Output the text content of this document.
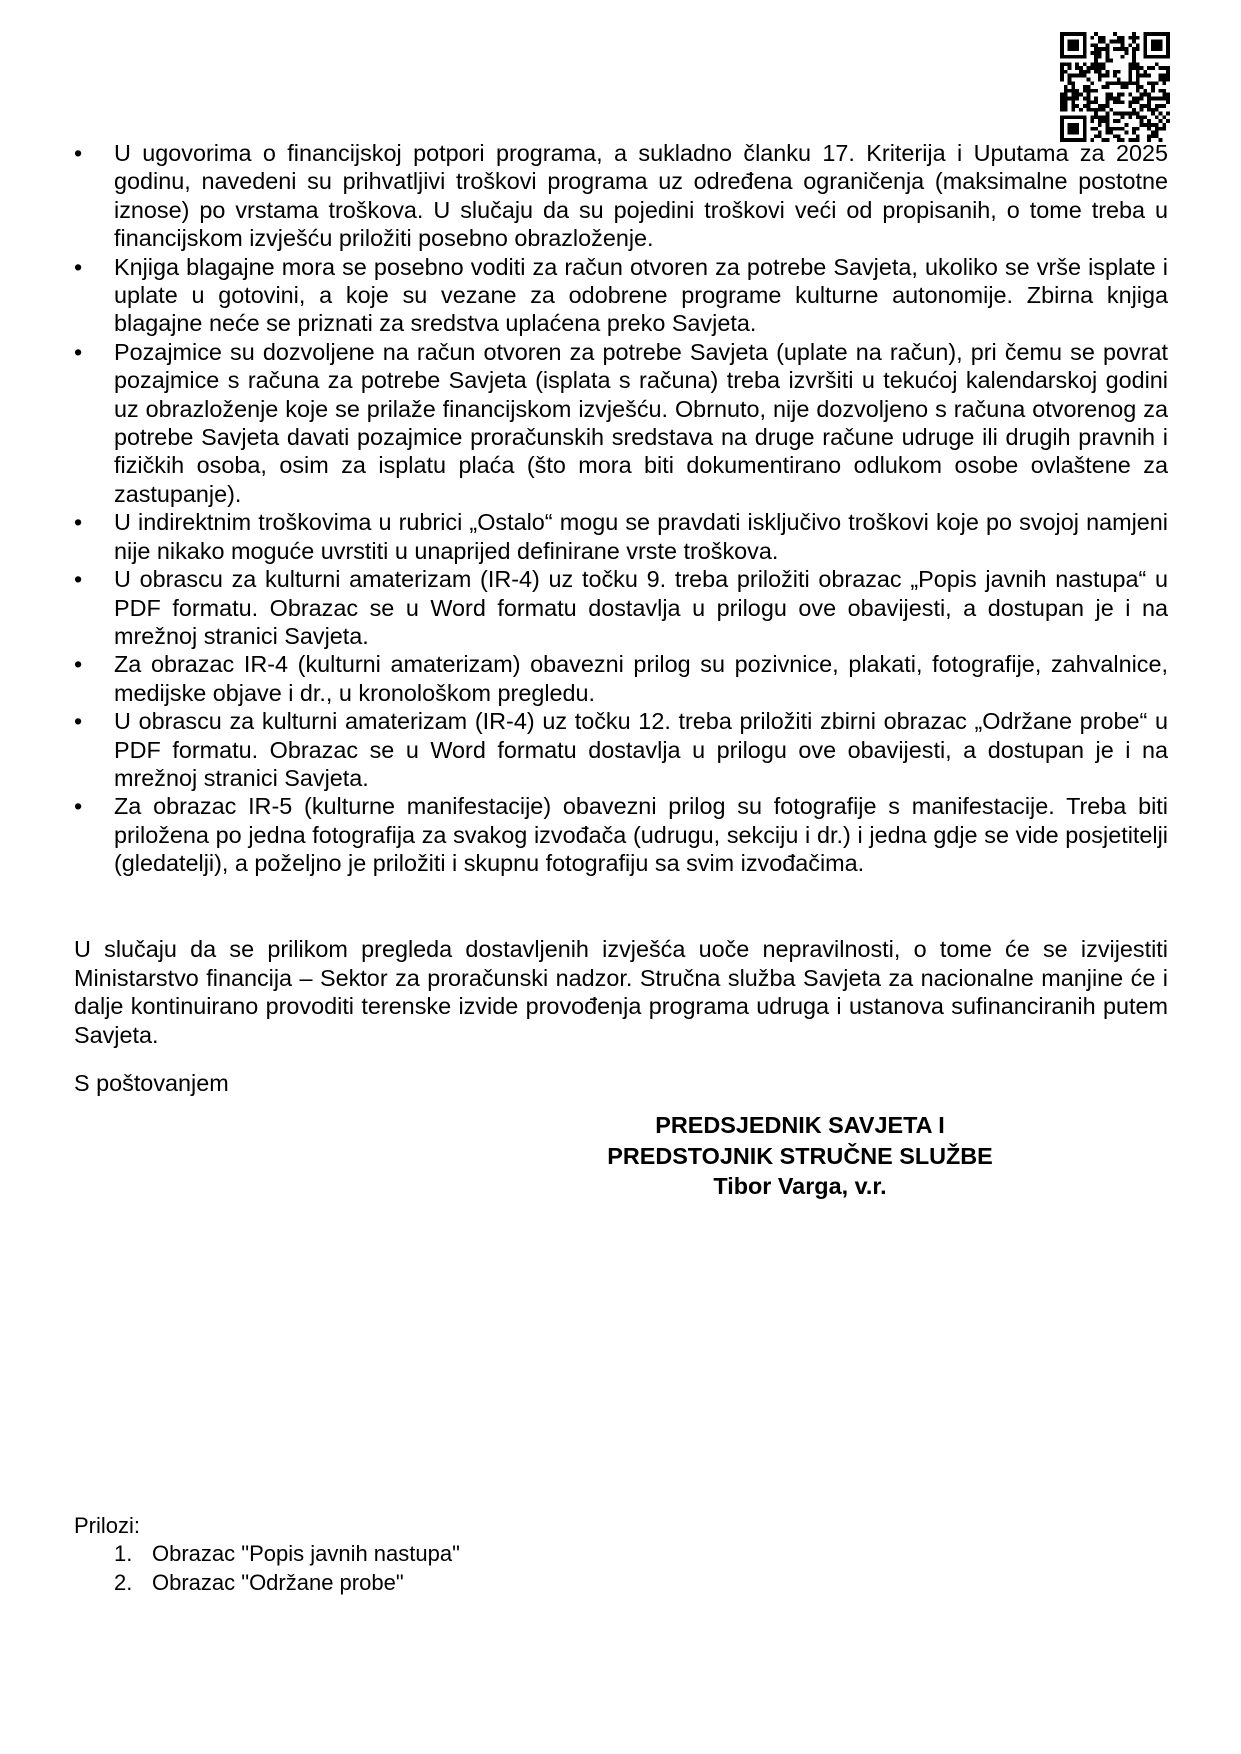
•	U ugovorima o financijskoj potpori programa, a sukladno članku 17. Kriterija i Uputama za 2025 godinu, navedeni su prihvatljivi troškovi programa uz određena ograničenja (maksimalne postotne iznose) po vrstama troškova. U slučaju da su pojedini troškovi veći od propisanih, o tome treba u financijskom izvješću priložiti posebno obrazloženje.
•	Knjiga blagajne mora se posebno voditi za račun otvoren za potrebe Savjeta, ukoliko se vrše isplate i uplate u gotovini, a koje su vezane za odobrene programe kulturne autonomije. Zbirna knjiga blagajne neće se priznati za sredstva uplaćena preko Savjeta.
•	Pozajmice su dozvoljene na račun otvoren za potrebe Savjeta (uplate na račun), pri čemu se povrat pozajmice s računa za potrebe Savjeta (isplata s računa) treba izvršiti u tekućoj kalendarskoj godini uz obrazloženje koje se prilaže financijskom izvješću. Obrnuto, nije dozvoljeno s računa otvorenog za potrebe Savjeta davati pozajmice proračunskih sredstava na druge račune udruge ili drugih pravnih i fizičkih osoba, osim za isplatu plaća (što mora biti dokumentirano odlukom osobe ovlaštene za zastupanje).
•	U indirektnim troškovima u rubrici „Ostalo“ mogu se pravdati isključivo troškovi koje po svojoj namjeni nije nikako moguće uvrstiti u unaprijed definirane vrste troškova.
•	U obrascu za kulturni amaterizam (IR-4) uz točku 9. treba priložiti obrazac „Popis javnih nastupa“ u PDF formatu. Obrazac se u Word formatu dostavlja u prilogu ove obavijesti, a dostupan je i na mrežnoj stranici Savjeta.
•	Za obrazac IR-4 (kulturni amaterizam) obavezni prilog su pozivnice, plakati, fotografije, zahvalnice, medijske objave i dr., u kronološkom pregledu.
•	U obrascu za kulturni amaterizam (IR-4) uz točku 12. treba priložiti zbirni obrazac „Održane probe“ u PDF formatu. Obrazac se u Word formatu dostavlja u prilogu ove obavijesti, a dostupan je i na mrežnoj stranici Savjeta.
•	Za obrazac IR-5 (kulturne manifestacije) obavezni prilog su fotografije s manifestacije. Treba biti priložena po jedna fotografija za svakog izvođača (udrugu, sekciju i dr.) i jedna gdje se vide posjetitelji (gledatelji), a poželjno je priložiti i skupnu fotografiju sa svim izvođačima.

U slučaju da se prilikom pregleda dostavljenih izvješća uoče nepravilnosti, o tome će se izvijestiti Ministarstvo financija – Sektor za proračunski nadzor. Stručna služba Savjeta za nacionalne manjine će i dalje kontinuirano provoditi terenske izvide provođenja programa udruga i ustanova sufinanciranih putem Savjeta.

S poštovanjem

PREDSJEDNIK SAVJETA I
PREDSTOJNIK STRUČNE SLUŽBE
Tibor Varga, v.r.

Prilozi:

1. Obrazac "Popis javnih nastupa"
2. Obrazac "Održane probe"
